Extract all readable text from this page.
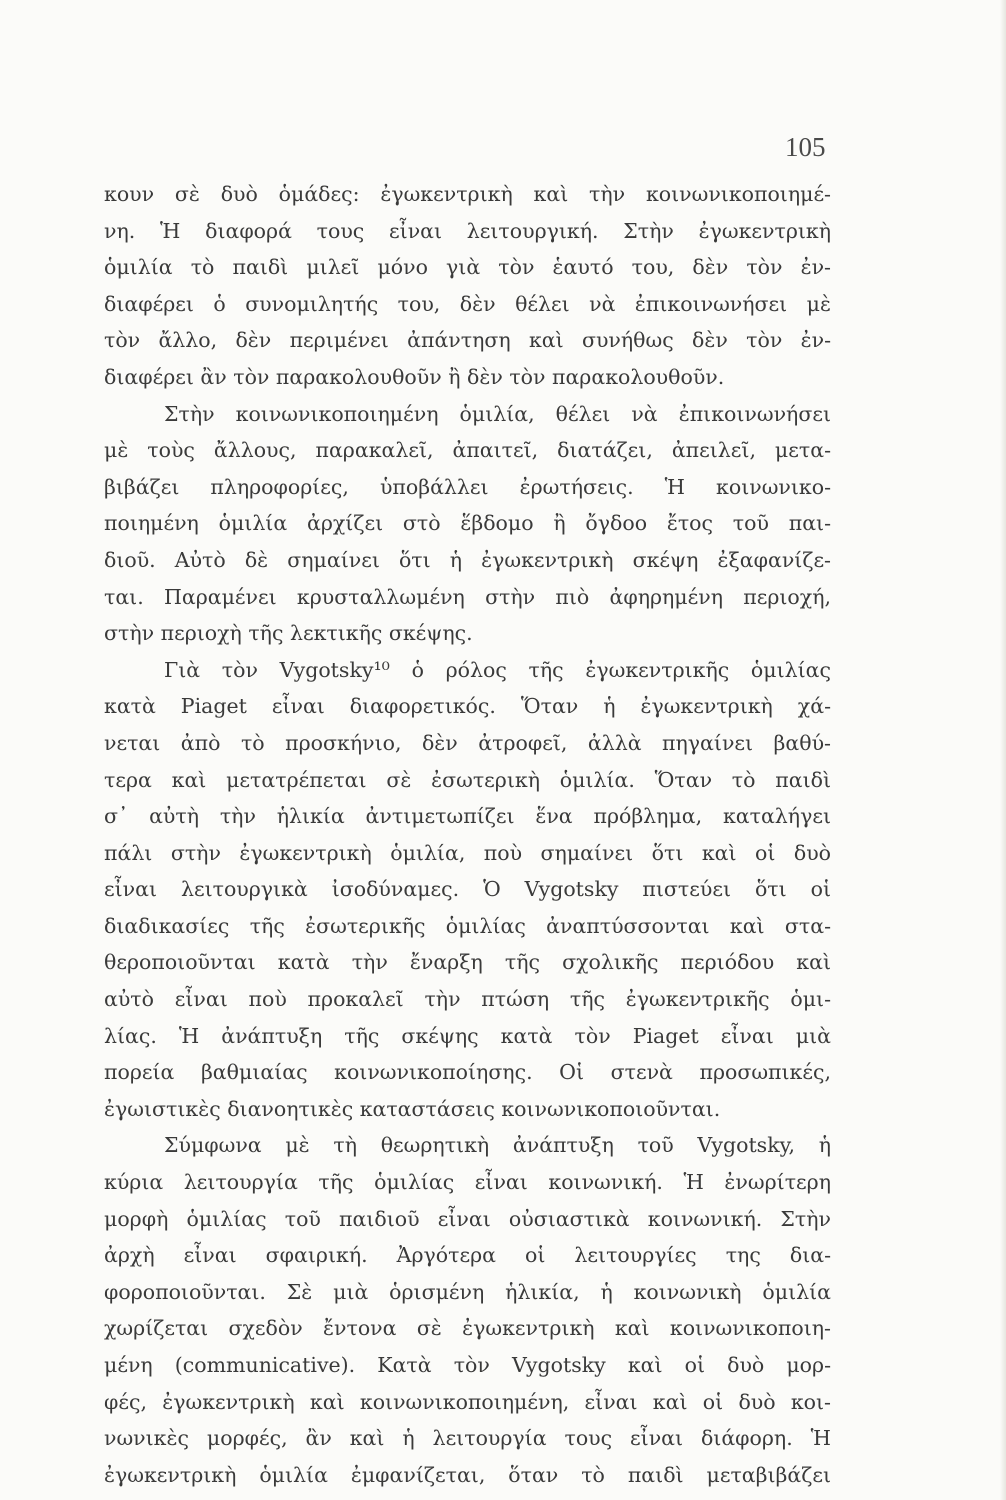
105
κουν σὲ δυὸ ὁμάδες: ἐγωκεντρικὴ καὶ τὴν κοινωνικοποιημέ-
νη. Ἡ διαφορά τους εἶναι λειτουργική. Στὴν ἐγωκεντρικὴ
ὁμιλία τὸ παιδὶ μιλεῖ μόνο γιὰ τὸν ἑαυτό του, δὲν τὸν ἐν-
διαφέρει ὁ συνομιλητής του, δὲν θέλει νὰ ἐπικοινωνήσει μὲ
τὸν ἄλλο, δὲν περιμένει ἀπάντηση καὶ συνήθως δὲν τὸν ἐν-
διαφέρει ἂν τὸν παρακολουθοῦν ἢ δὲν τὸν παρακολουθοῦν.
Στὴν κοινωνικοποιημένη ὁμιλία, θέλει νὰ ἐπικοινωνήσει
μὲ τοὺς ἄλλους, παρακαλεῖ, ἀπαιτεῖ, διατάζει, ἀπειλεῖ, μετα-
βιβάζει πληροφορίες, ὑποβάλλει ἐρωτήσεις. Ἡ κοινωνικο-
ποιημένη ὁμιλία ἀρχίζει στὸ ἕβδομο ἢ ὄγδοο ἔτος τοῦ παι-
διοῦ. Αὐτὸ δὲ σημαίνει ὅτι ἡ ἐγωκεντρικὴ σκέψη ἐξαφανίζε-
ται. Παραμένει κρυσταλλωμένη στὴν πιὸ ἀφηρημένη περιοχή,
στὴν περιοχὴ τῆς λεκτικῆς σκέψης.
Γιὰ τὸν Vygotsky¹⁰ ὁ ρόλος τῆς ἐγωκεντρικῆς ὁμιλίας
κατὰ Piaget εἶναι διαφορετικός. Ὅταν ἡ ἐγωκεντρικὴ χά-
νεται ἀπὸ τὸ προσκήνιο, δὲν ἀτροφεῖ, ἀλλὰ πηγαίνει βαθύ-
τερα καὶ μετατρέπεται σὲ ἐσωτερικὴ ὁμιλία. Ὅταν τὸ παιδὶ
σ᾽ αὐτὴ τὴν ἡλικία ἀντιμετωπίζει ἕνα πρόβλημα, καταλήγει
πάλι στὴν ἐγωκεντρικὴ ὁμιλία, ποὺ σημαίνει ὅτι καὶ οἱ δυὸ
εἶναι λειτουργικὰ ἰσοδύναμες. Ὁ Vygotsky πιστεύει ὅτι οἱ
διαδικασίες τῆς ἐσωτερικῆς ὁμιλίας ἀναπτύσσονται καὶ στα-
θεροποιοῦνται κατὰ τὴν ἔναρξη τῆς σχολικῆς περιόδου καὶ
αὐτὸ εἶναι ποὺ προκαλεῖ τὴν πτώση τῆς ἐγωκεντρικῆς ὁμι-
λίας. Ἡ ἀνάπτυξη τῆς σκέψης κατὰ τὸν Piaget εἶναι μιὰ
πορεία βαθμιαίας κοινωνικοποίησης. Οἱ στενὰ προσωπικές,
ἐγωιστικὲς διανοητικὲς καταστάσεις κοινωνικοποιοῦνται.
Σύμφωνα μὲ τὴ θεωρητικὴ ἀνάπτυξη τοῦ Vygotsky, ἡ
κύρια λειτουργία τῆς ὁμιλίας εἶναι κοινωνική. Ἡ ἐνωρίτερη
μορφὴ ὁμιλίας τοῦ παιδιοῦ εἶναι οὐσιαστικὰ κοινωνική. Στὴν
ἀρχὴ εἶναι σφαιρική. Ἀργότερα οἱ λειτουργίες της δια-
φοροποιοῦνται. Σὲ μιὰ ὁρισμένη ἡλικία, ἡ κοινωνικὴ ὁμιλία
χωρίζεται σχεδὸν ἔντονα σὲ ἐγωκεντρικὴ καὶ κοινωνικοποιη-
μένη (communicative). Κατὰ τὸν Vygotsky καὶ οἱ δυὸ μορ-
φές, ἐγωκεντρικὴ καὶ κοινωνικοποιημένη, εἶναι καὶ οἱ δυὸ κοι-
νωνικὲς μορφές, ἂν καὶ ἡ λειτουργία τους εἶναι διάφορη. Ἡ
ἐγωκεντρικὴ ὁμιλία ἐμφανίζεται, ὅταν τὸ παιδὶ μεταβιβάζει
